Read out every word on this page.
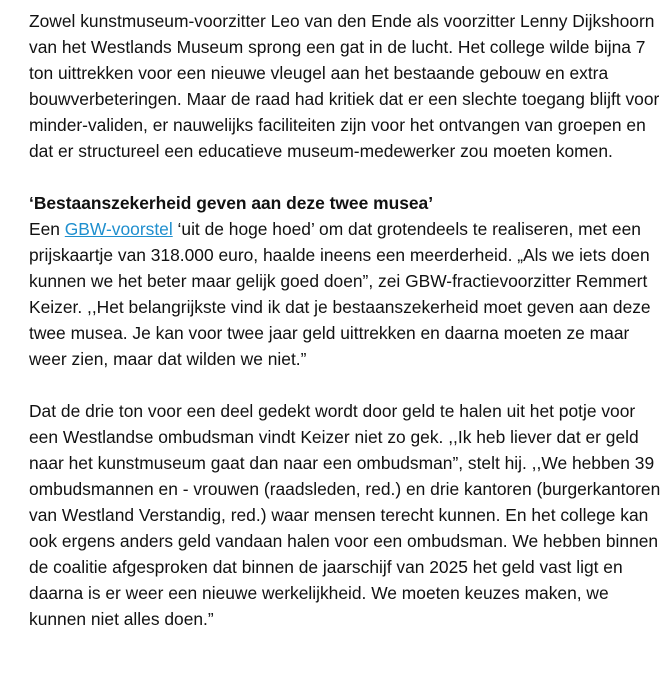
Zowel kunstmuseum-voorzitter Leo van den Ende als voorzitter Lenny Dijkshoorn van het Westlands Museum sprong een gat in de lucht. Het college wilde bijna 7 ton uittrekken voor een nieuwe vleugel aan het bestaande gebouw en extra bouwverbeteringen. Maar de raad had kritiek dat er een slechte toegang blijft voor minder-validen, er nauwelijks faciliteiten zijn voor het ontvangen van groepen en dat er structureel een educatieve museum-medewerker zou moeten komen.

‘Bestaanszekerheid geven aan deze twee musea’

Een GBW-voorstel ‘uit de hoge hoed’ om dat grotendeels te realiseren, met een prijskaartje van 318.000 euro, haalde ineens een meerderheid. „Als we iets doen kunnen we het beter maar gelijk goed doen”, zei GBW-fractievoorzitter Remmert Keizer. ,,Het belangrijkste vind ik dat je bestaanszekerheid moet geven aan deze twee musea. Je kan voor twee jaar geld uittrekken en daarna moeten ze maar weer zien, maar dat wilden we niet.”

Dat de drie ton voor een deel gedekt wordt door geld te halen uit het potje voor een Westlandse ombudsman vindt Keizer niet zo gek. ,,Ik heb liever dat er geld naar het kunstmuseum gaat dan naar een ombudsman”, stelt hij. ,,We hebben 39 ombudsmannen en - vrouwen (raadsleden, red.) en drie kantoren (burgerkantoren van Westland Verstandig, red.) waar mensen terecht kunnen. En het college kan ook ergens anders geld vandaan halen voor een ombudsman. We hebben binnen de coalitie afgesproken dat binnen de jaarschijf van 2025 het geld vast ligt en daarna is er weer een nieuwe werkelijkheid. We moeten keuzes maken, we kunnen niet alles doen.”
